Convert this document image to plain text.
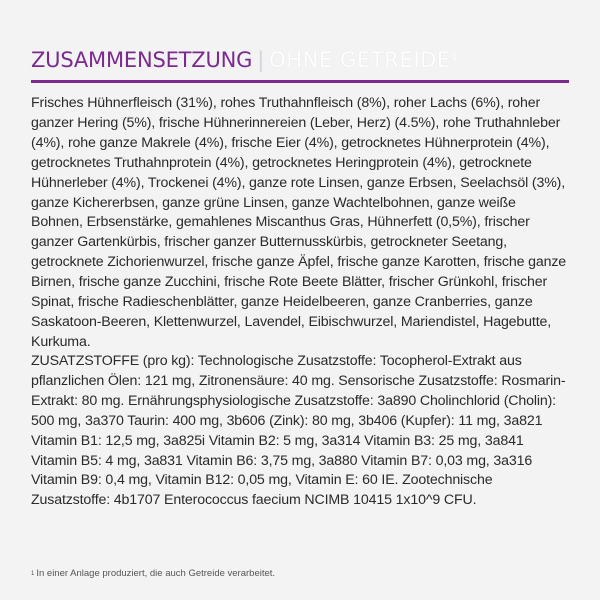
ZUSAMMENSETZUNG | OHNE GETREIDE$^1$

Frisches Hühnerfleisch (31%), rohes Truthahnfleisch (8%), roher Lachs (6%), roher ganzer Hering (5%), frische Hühnerinnereien (Leber, Herz) (4.5%), rohe Truthahnleber (4%), rohe ganze Makrele (4%), frische Eier (4%), getrocknetes Hühnerprotein (4%), getrocknetes Truthahnprotein (4%), getrocknetes Heringprotein (4%), getrocknete Hühnerleber (4%), Trockenei (4%), ganze rote Linsen, ganze Erbsen, Seelachsöl (3%), ganze Kichererbsen, ganze grüne Linsen, ganze Wachtelbohnen, ganze weiße Bohnen, Erbsenstärke, gemahlenes Miscanthus Gras, Hühnerfett (0,5%), frischer ganzer Gartenkürbis, frischer ganzer Butternusskürbis, getrockneter Seetang, getrocknete Zichorienwurzel, frische ganze Äpfel, frische ganze Karotten, frische ganze Birnen, frische ganze Zucchini, frische Rote Beete Blätter, frischer Grünkohl, frischer Spinat, frische Radieschenblätter, ganze Heidelbeeren, ganze Cranberries, ganze Saskatoon-Beeren, Klettenwurzel, Lavendel, Eibischwurzel, Mariendistel, Hagebutte, Kurkuma.

ZUSATZSTOFFE (pro kg): Technologische Zusatzstoffe: Tocopherol-Extrakt aus pflanzlichen Ölen: 121 mg, Zitronensäure: 40 mg. Sensorische Zusatzstoffe: Rosmarin-Extrakt: 80 mg. Ernährungsphysiologische Zusatzstoffe: 3a890 Cholinchlorid (Cholin): 500 mg, 3a370 Taurin: 400 mg, 3b606 (Zink): 80 mg, 3b406 (Kupfer): 11 mg, 3a821 Vitamin B1: 12,5 mg, 3a825i Vitamin B2: 5 mg, 3a314 Vitamin B3: 25 mg, 3a841 Vitamin B5: 4 mg, 3a831 Vitamin B6: 3,75 mg, 3a880 Vitamin B7: 0,03 mg, 3a316 Vitamin B9: 0,4 mg, Vitamin B12: 0,05 mg, Vitamin E: 60 IE. Zootechnische Zusatzstoffe: 4b1707 Enterococcus faecium NCIMB 10415 1x10^9 CFU.

$^1$ In einer Anlage produziert, die auch Getreide verarbeitet.
